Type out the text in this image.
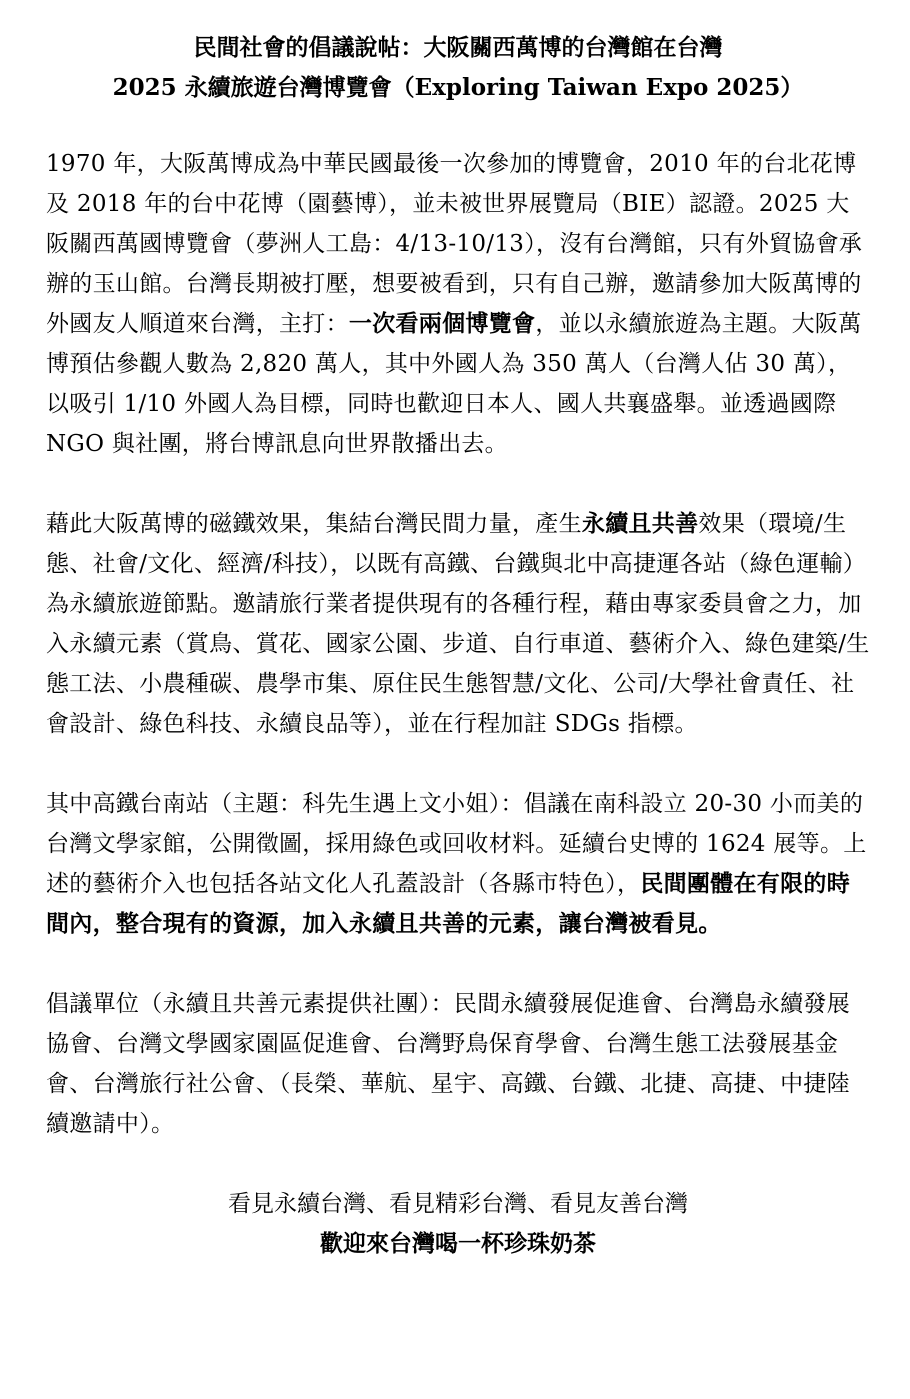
民間社會的倡議說帖：大阪關西萬博的台灣館在台灣
2025 永續旅遊台灣博覽會（Exploring Taiwan Expo 2025）

1970 年，大阪萬博成為中華民國最後一次參加的博覽會，2010 年的台北花博及 2018 年的台中花博（園藝博），並未被世界展覽局（BIE）認證。2025 大阪關西萬國博覽會（夢洲人工島：4/13-10/13），沒有台灣館，只有外貿協會承辦的玉山館。台灣長期被打壓，想要被看到，只有自己辦，邀請參加大阪萬博的外國友人順道來台灣，主打：一次看兩個博覽會，並以永續旅遊為主題。大阪萬博預估參觀人數為 2,820 萬人，其中外國人為 350 萬人（台灣人佔 30 萬），以吸引 1/10 外國人為目標，同時也歡迎日本人、國人共襄盛舉。並透過國際 NGO 與社團，將台博訊息向世界散播出去。

藉此大阪萬博的磁鐵效果，集結台灣民間力量，產生永續且共善效果（環境/生態、社會/文化、經濟/科技），以既有高鐵、台鐵與北中高捷運各站（綠色運輸）為永續旅遊節點。邀請旅行業者提供現有的各種行程，藉由專家委員會之力，加入永續元素（賞鳥、賞花、國家公園、步道、自行車道、藝術介入、綠色建築/生態工法、小農種碳、農學市集、原住民生態智慧/文化、公司/大學社會責任、社會設計、綠色科技、永續良品等），並在行程加註 SDGs 指標。

其中高鐵台南站（主題：科先生遇上文小姐）：倡議在南科設立 20-30 小而美的台灣文學家館，公開徵圖，採用綠色或回收材料。延續台史博的 1624 展等。上述的藝術介入也包括各站文化人孔蓋設計（各縣市特色），民間團體在有限的時間內，整合現有的資源，加入永續且共善的元素，讓台灣被看見。

倡議單位（永續且共善元素提供社團）：民間永續發展促進會、台灣島永續發展協會、台灣文學國家園區促進會、台灣野鳥保育學會、台灣生態工法發展基金會、台灣旅行社公會、（長榮、華航、星宇、高鐵、台鐵、北捷、高捷、中捷陸續邀請中）。

看見永續台灣、看見精彩台灣、看見友善台灣
歡迎來台灣喝一杯珍珠奶茶
